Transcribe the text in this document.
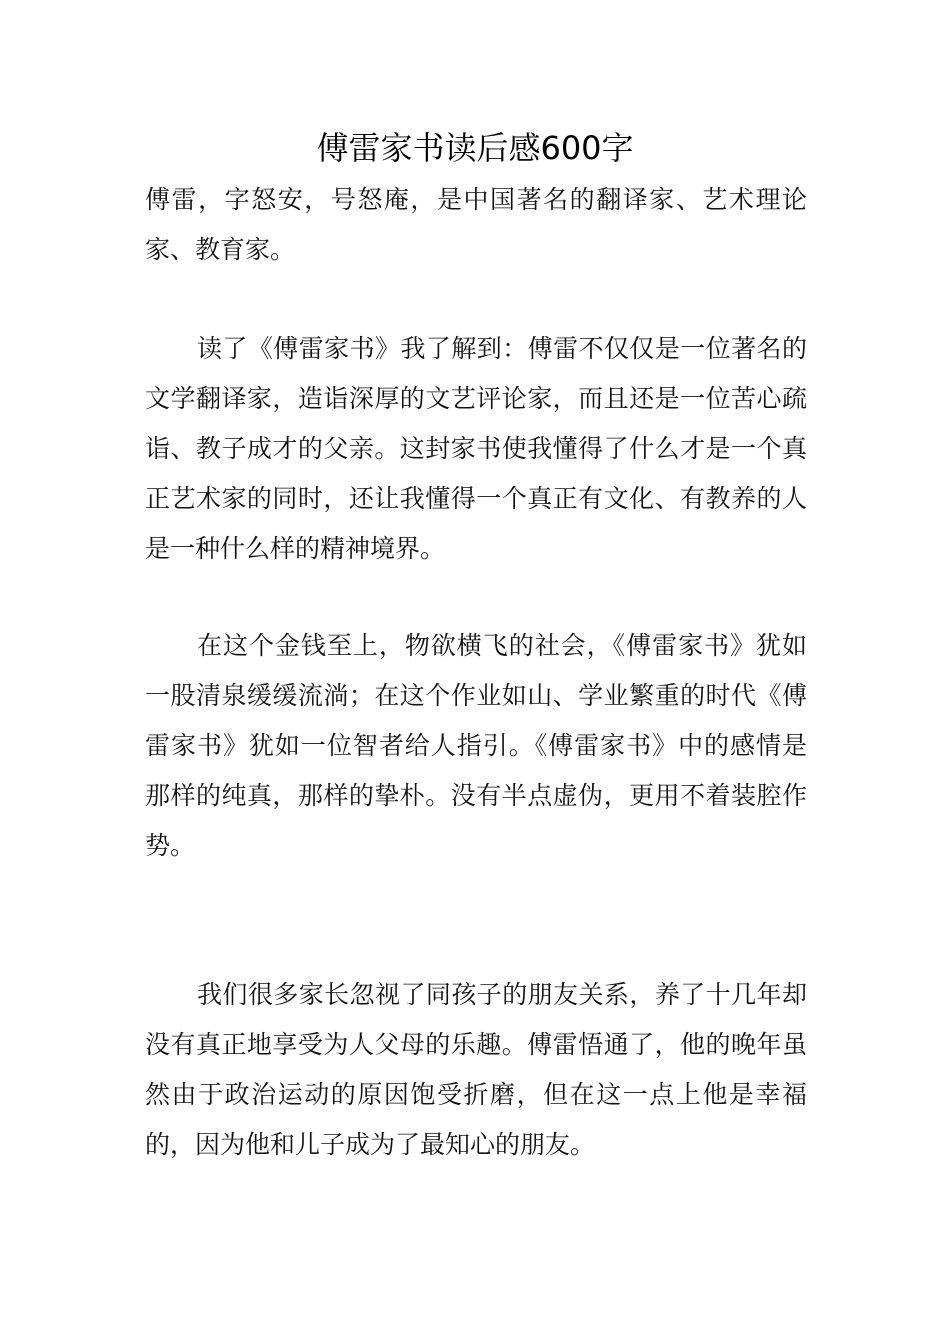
傅雷家书读后感600字

傅雷，字怒安，号怒庵，是中国著名的翻译家、艺术理论家、教育家。

读了《傅雷家书》我了解到：傅雷不仅仅是一位著名的文学翻译家，造诣深厚的文艺评论家，而且还是一位苦心疏诣、教子成才的父亲。这封家书使我懂得了什么才是一个真正艺术家的同时，还让我懂得一个真正有文化、有教养的人是一种什么样的精神境界。

在这个金钱至上，物欲横飞的社会，《傅雷家书》犹如一股清泉缓缓流淌；在这个作业如山、学业繁重的时代《傅雷家书》犹如一位智者给人指引。《傅雷家书》中的感情是那样的纯真，那样的挚朴。没有半点虚伪，更用不着装腔作势。

我们很多家长忽视了同孩子的朋友关系，养了十几年却没有真正地享受为人父母的乐趣。傅雷悟通了，他的晚年虽然由于政治运动的原因饱受折磨，但在这一点上他是幸福的，因为他和儿子成为了最知心的朋友。
